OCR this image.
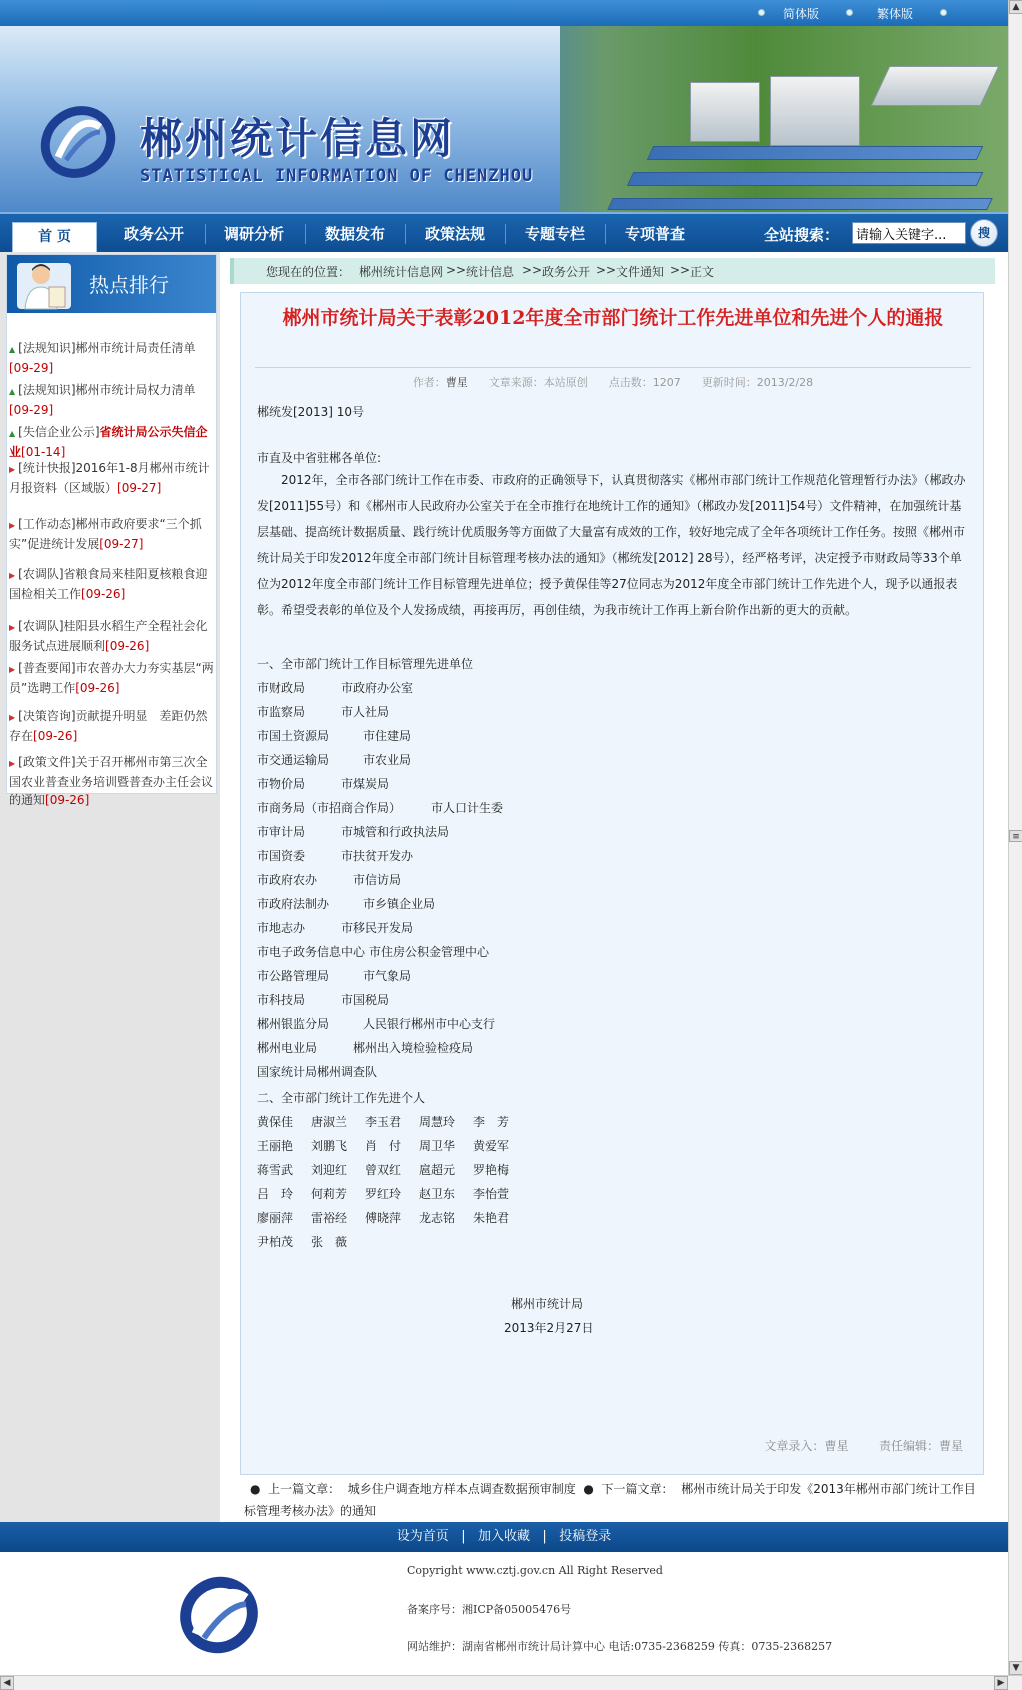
简体版	繁体版
郴州统计信息网
STATISTICAL INFORMATION OF CHENZHOU
首 页	政务公开	调研分析	数据发布	政策法规	专题专栏	专项普查	全站搜索：
请输入关键字...	搜
热点排行
▲ [法规知识]郴州市统计局责任清单[09-29]
▲ [法规知识]郴州市统计局权力清单[09-29]
▲ [失信企业公示]省统计局公示失信企业[01-14]
▶ [统计快报]2016年1-8月郴州市统计月报资料（区域版）[09-27]
▶ [工作动态]郴州市政府要求“三个抓实”促进统计发展[09-27]
▶ [农调队]省粮食局来桂阳夏核粮食迎国检相关工作[09-26]
▶ [农调队]桂阳县水稻生产全程社会化服务试点进展顺利[09-26]
▶ [普查要闻]市农普办大力夯实基层“两员”选聘工作[09-26]
▶ [决策咨询]贡献提升明显　差距仍然存在[09-26]
▶ [政策文件]关于召开郴州市第三次全国农业普查业务培训暨普查办主任会议的通知[09-26]
您现在的位置： 郴州统计信息网 >> 统计信息 >> 政务公开 >> 文件通知 >> 正文
郴州市统计局关于表彰2012年度全市部门统计工作先进单位和先进个人的通报
作者：曹星 文章来源：本站原创 点击数：1207 更新时间：2013/2/28
郴统发[2013] 10号
市直及中省驻郴各单位:
2012年，全市各部门统计工作在市委、市政府的正确领导下，认真贯彻落实《郴州市部门统计工作规范化管理暂行办法》（郴政办发[2011]55号）和《郴州市人民政府办公室关于在全市推行在地统计工作的通知》（郴政办发[2011]54号）文件精神，在加强统计基层基础、提高统计数据质量、践行统计优质服务等方面做了大量富有成效的工作，较好地完成了全年各项统计工作任务。按照《郴州市统计局关于印发2012年度全市部门统计目标管理考核办法的通知》（郴统发[2012] 28号），经严格考评，决定授予市财政局等33个单位为2012年度全市部门统计工作目标管理先进单位；授予黄保佳等27位同志为2012年度全市部门统计工作先进个人，现予以通报表彰。希望受表彰的单位及个人发扬成绩，再接再厉，再创佳绩，为我市统计工作再上新台阶作出新的更大的贡献。
一、全市部门统计工作目标管理先进单位
市财政局	市政府办公室
市监察局	市人社局
市国土资源局	市住建局
市交通运输局	市农业局
市物价局	市煤炭局
市商务局（市招商合作局） 市人口计生委
市审计局	市城管和行政执法局
市国资委	市扶贫开发办
市政府农办	市信访局
市政府法制办	市乡镇企业局
市地志办	市移民开发局
市电子政务信息中心 市住房公积金管理中心
市公路管理局	市气象局
市科技局	市国税局
郴州银监分局	人民银行郴州市中心支行
郴州电业局	郴州出入境检验检疫局
国家统计局郴州调查队
二、全市部门统计工作先进个人
黄保佳 唐淑兰 李玉君 周慧玲 李　芳
王丽艳 刘鹏飞 肖　付 周卫华 黄爱军
蒋雪武 刘迎红 曾双红 扈超元 罗艳梅
吕　玲 何莉芳 罗红玲 赵卫东 李怡萱
廖丽萍 雷裕经 傅晓萍 龙志铭 朱艳君
尹柏茂 张　薇
郴州市统计局
2013年2月27日
文章录入：曹星	责任编辑：曹星
● 上一篇文章： 城乡住户调查地方样本点调查数据预审制度  ●  下一篇文章： 郴州市统计局关于印发《2013年郴州市部门统计工作目标管理考核办法》的通知
设为首页   |   加入收藏   |   投稿登录
Copyright www.cztj.gov.cn All Right Reserved
备案序号：湘ICP备05005476号
网站维护：湖南省郴州市统计局计算中心 电话:0735-2368259 传真：0735-2368257
▲
≡
▼
◀	▶
